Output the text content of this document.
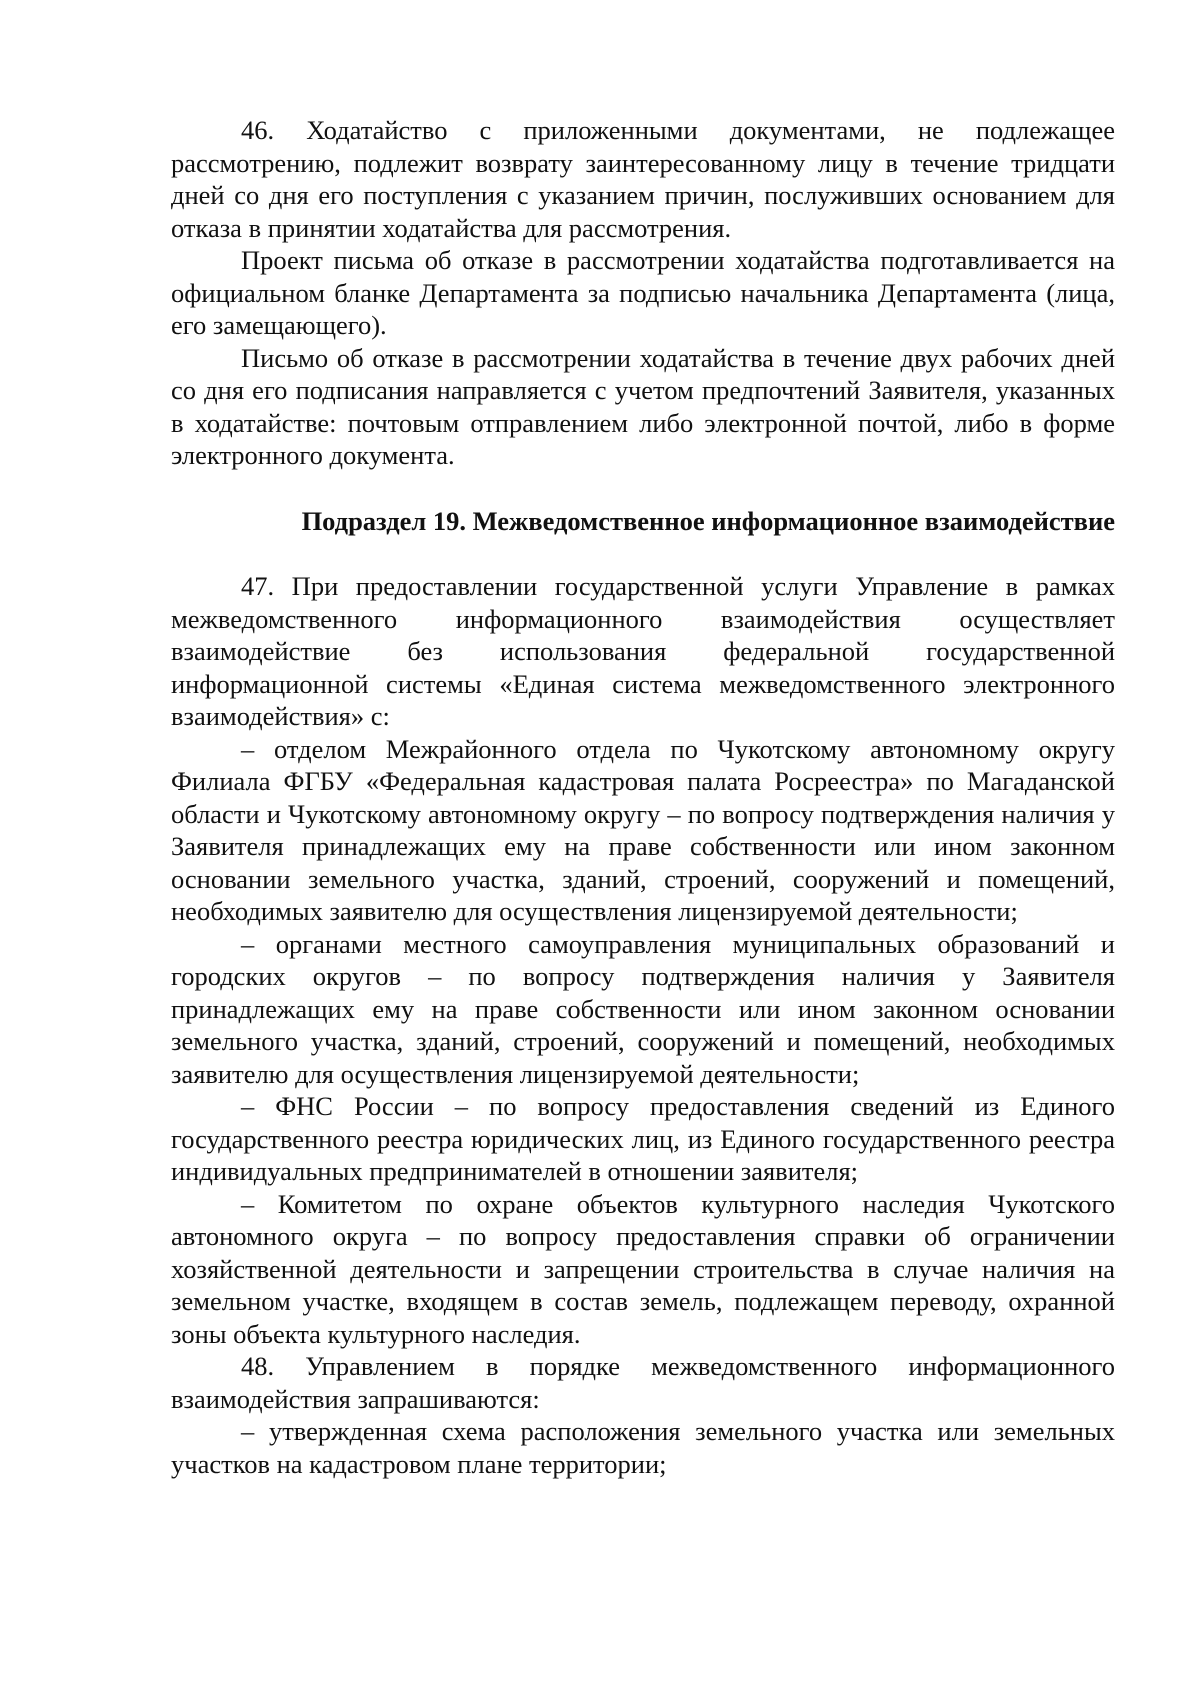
46. Ходатайство с приложенными документами, не подлежащее рассмотрению, подлежит возврату заинтересованному лицу в течение тридцати дней со дня его поступления с указанием причин, послуживших основанием для отказа в принятии ходатайства для рассмотрения.

Проект письма об отказе в рассмотрении ходатайства подготавливается на официальном бланке Департамента за подписью начальника Департамента (лица, его замещающего).

Письмо об отказе в рассмотрении ходатайства в течение двух рабочих дней со дня его подписания направляется с учетом предпочтений Заявителя, указанных в ходатайстве: почтовым отправлением либо электронной почтой, либо в форме электронного документа.

Подраздел 19. Межведомственное информационное взаимодействие

47. При предоставлении государственной услуги Управление в рамках межведомственного информационного взаимодействия осуществляет взаимодействие без использования федеральной государственной информационной системы «Единая система межведомственного электронного взаимодействия» с:

– отделом Межрайонного отдела по Чукотскому автономному округу Филиала ФГБУ «Федеральная кадастровая палата Росреестра» по Магаданской области и Чукотскому автономному округу – по вопросу подтверждения наличия у Заявителя принадлежащих ему на праве собственности или ином законном основании земельного участка, зданий, строений, сооружений и помещений, необходимых заявителю для осуществления лицензируемой деятельности;

– органами местного самоуправления муниципальных образований и городских округов – по вопросу подтверждения наличия у Заявителя принадлежащих ему на праве собственности или ином законном основании земельного участка, зданий, строений, сооружений и помещений, необходимых заявителю для осуществления лицензируемой деятельности;

– ФНС России – по вопросу предоставления сведений из Единого государственного реестра юридических лиц, из Единого государственного реестра индивидуальных предпринимателей в отношении заявителя;

– Комитетом по охране объектов культурного наследия Чукотского автономного округа – по вопросу предоставления справки об ограничении хозяйственной деятельности и запрещении строительства в случае наличия на земельном участке, входящем в состав земель, подлежащем переводу, охранной зоны объекта культурного наследия.

48. Управлением в порядке межведомственного информационного взаимодействия запрашиваются:

– утвержденная схема расположения земельного участка или земельных участков на кадастровом плане территории;
